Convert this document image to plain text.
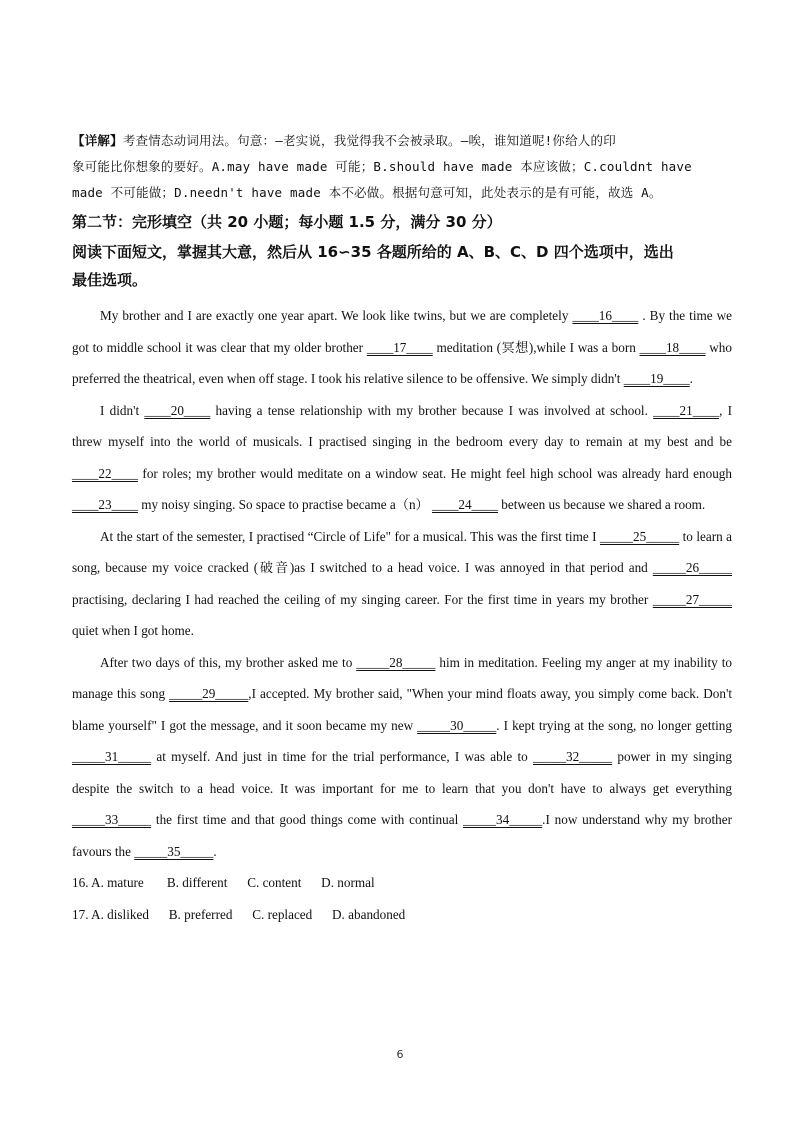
【详解】考查情态动词用法。句意：—老实说，我觉得我不会被录取。—唉，谁知道呢!你给人的印
象可能比你想象的要好。A.may have made 可能；B.should have made 本应该做；C.couldnt have
made 不可能做；D.needn't have made 本不必做。根据句意可知，此处表示的是有可能，故选 A。
第二节：完形填空（共 20 小题；每小题 1.5 分，满分 30 分）
阅读下面短文，掌握其大意，然后从 16∽35 各题所给的 A、B、C、D 四个选项中，选出
最佳选项。

My brother and I are exactly one year apart. We look like twins, but we are completely ____16____ . By the time we got to middle school it was clear that my older brother ____17____ meditation (冥想),while I was a born ____18____ who preferred the theatrical, even when off stage. I took his relative silence to be offensive. We simply didn't ____19____.

I didn't ____20____ having a tense relationship with my brother because I was involved at school. ____21____, I threw myself into the world of musicals. I practised singing in the bedroom every day to remain at my best and be ____22____ for roles; my brother would meditate on a window seat. He might feel high school was already hard enough ____23____ my noisy singing. So space to practise became a（n） ____24____ between us because we shared a room.

At the start of the semester, I practised “Circle of Life" for a musical. This was the first time I _____25_____ to learn a song, because my voice cracked (破音)as I switched to a head voice. I was annoyed in that period and _____26_____ practising, declaring I had reached the ceiling of my singing career. For the first time in years my brother _____27_____ quiet when I got home.

After two days of this, my brother asked me to _____28_____ him in meditation. Feeling my anger at my inability to manage this song _____29_____,I accepted. My brother said, "When your mind floats away, you simply come back. Don't blame yourself" I got the message, and it soon became my new _____30_____. I kept trying at the song, no longer getting _____31_____ at myself. And just in time for the trial performance, I was able to _____32_____ power in my singing despite the switch to a head voice. It was important for me to learn that you don't have to always get everything _____33_____ the first time and that good things come with continual _____34_____.I now understand why my brother favours the _____35_____.

16. A. mature       B. different      C. content      D. normal
17. A. disliked      B. preferred      C. replaced      D. abandoned
6
